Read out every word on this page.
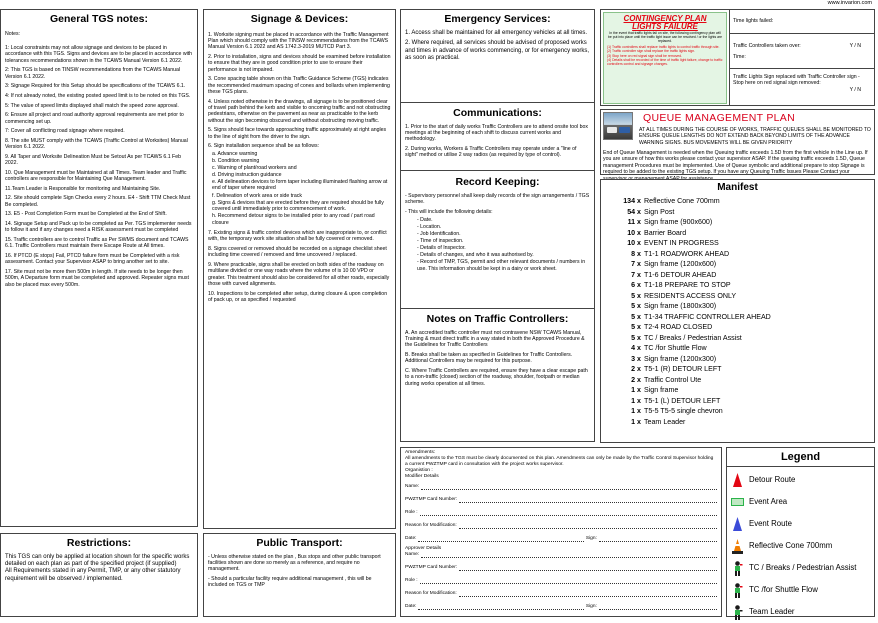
www.invarion.com
General TGS notes:
Notes:
1: Local constraints may not allow signage and devices to be placed in accordance with this TGS. Signs and devices are to be placed in accordance with tolerances recommendations shown in the TCAWS Manual Version 6.1 2022.
2: This TGS is based on TINSW recommendations from the TCAWS Manual Version 6.1 2022.
3: Signage Required for this Setup should be specifications of the TCAWS 6.1.
4: If not already noted, the existing posted speed limit is to be noted on this TGS.
5: The value of speed limits displayed shall match the speed zone approval.
6: Ensure all project and road authority approval requirements are met prior to commencing set up.
7: Cover all conflicting road signage where required.
8. The site MUST comply with the TCAWS (Traffic Control at Worksites) Manual Version 6.1 2022.
9. All Taper and Worksite Delineation Must be Setout As per TCAWS 6.1 Feb 2022.
10. Que Management must be Maintained at all Times. Team leader and Traffic controllers are responsible for Maintaining Que Management.
11.Team Leader is Responsible for monitoring and Maintaining Site.
12. Site should complete Sign Checks every 2 hours. E4 - Shift TTM Check Must Be completed.
13. E5 - Post Completion Form must be Completed at the End of Shift.
14. Signage Setup and Pack up to be completed as Per. TGS implementer needs to follow it and if any changes need a RISK assessment must be completed
15. Traffic controllers are to control Traffic as Per SWMS document and TCAWS 6.1. Traffic Controllers must maintain there Escape Route at All times.
16. If PTCD (E stops) Fail, PTCD failure form must be Completed with a risk assessment. Contact your Supervisor ASAP to bring another set to site.
17. Site must not be more then 500m in length. If site needs to be longer then 500m, A Departure form must be completed and approved. Repeater signs must also be placed max every 500m.
Restrictions:
This TGS can only be applied at location shown for the specific works detailed on each plan as part of the specified project (if supplied)
All Requirements stated in any Permit, TMP, or any other statutory requirement will be observed / implemented.
Signage & Devices:
1. Worksite signing must be placed in accordance with the Traffic Management Plan which should comply with the TINSW recommendations from the TCAWS Manual Version 6.1 2022 and AS 1742.3-2019 MUTCD Part 3.
2. Prior to installation, signs and devices should be examined before installation to ensure that they are in good condition prior to use to ensure their performance is not impaired.
3. Cone spacing table shown on this Traffic Guidance Scheme (TGS) indicates the recommended maximum spacing of cones and bollards when implementing these TGS plans.
4. Unless noted otherwise in the drawings, all signage is to be positioned clear of travel path behind the kerb and visible to oncoming traffic and not obstructing pedestrians, otherwise on the pavement as near as practicable to the kerb without the sign becoming obscured and without obstructing moving traffic.
5. Signs should face towards approaching traffic approximately at right angles to the line of sight from the driver to the sign.
6. Sign installation sequence shall be as follows:
a. Advance warning
b. Condition warning
c. Warning of plant/road workers and
d. Driving instruction guidance
e. All delineation devices to form taper including illuminated flashing arrow at end of taper where required
f. Delineation of work area or side track
g. Signs & devices that are erected before they are required should be fully covered until immediately prior to commencement of work.
h. Recommend detour signs to be installed prior to any road / part road closure
7. Existing signs & traffic control devices which are inappropriate to, or conflict with, the temporary work site situation shall be fully covered or removed.
8. Signs covered or removed should be recorded on a signage checklist sheet including time covered / removed and time uncovered / replaced.
9. Where practicable, signs shall be erected on both sides of the roadway on multilane divided or one way roads where the volume of is 10 00 VPD or greater. This treatment should also be considered for all other roads, especially those with curved alignments.
10. Inspections to be completed after setup, during closure & upon completion of pack up, or as specified / requested
Public Transport:
- Unless otherwise stated on the plan , Bus stops and other public transport facilities shown are done so merely as a reference, and require no management.
- Should a particular facility require additional management , this will be included on TGS or TMP
Emergency Services:
1. Access shall be maintained for all emergency vehicles at all times.
2. Where required, all services should be advised of proposed works and times in advance of works commencing, or for emergency works, as soon as practical.
Communications:
1. Prior to the start of daily works Traffic Controllers are to attend onsite tool box meetings at the beginning of each shift to discuss current works and methodology.
2. During works, Workers & Traffic Controllers may operate under a "line of sight" method or utilise 2 way radios (as required by type of control).
Record Keeping:
- Supervisory personnel shall keep daily records of the sign arrangements / TGS scheme.
- This will include the following details:
- Date.
- Location.
- Job Identification.
- Time of inspection.
- Details of Inspector.
- Details of changes, and who it was authorised by.
- Record of TMP, TGS, permit and other relevant documents / numbers in use. This information should be kept in a dairy or work sheet.
Notes on Traffic Controllers:
A. An accredited traffic controller must not contravene NSW TCAWS Manual, Training & must direct traffic in a way stated in both the Approved Procedure & the Guidelines for Traffic Controllers
B. Breaks shall be taken as specified in Guidelines for Traffic Controllers. Additional Controllers may be required for this purpose.
C. Where Traffic Controllers are required, ensure they have a clear escape path to a non-traffic (closed) section of the roadway, shoulder, footpath or median during works operation at all times.
CONTINGENCY PLAN
LIGHTS FAILURE
In the event that traffic lights fail on site, the following contingency plan will be put into place until the traffic light issue can be resolved / or the lights are replaced.
(1) Traffic controllers shall replace traffic lights to control traffic through site.
(2) Traffic controller sign shall replace the traffic lights sign.
(3) Stop here on red signal sign shall be removed.
(4) Details shall be recorded of the time of traffic light failure, change to traffic controllers control and signage changes.
Time lights failed:
Traffic Controllers taken over:	Y / N
Time:
Traffic Lights Sign replaced with Traffic Controller sign - Stop here on red signal sign removed:
Y / N
QUEUE MANAGEMENT PLAN
AT ALL TIMES DURING THE COURSE OF WORKS, TRAFFIC QUEUES SHALL BE MONITORED TO ENSURE QUEUE LENGTHS DO NOT EXTEND BACK BEYOND LIMITS OF THE ADVANCE WARNING SIGNS. BUS MOVEMENTS WILL BE GIVEN PRIORITY
End of Queue Management is needed when the Queuing traffic exceeds 1.5D from the first vehicle in the Line up. If you are unsure of how this works please contact your supervisor ASAP. If the queuing traffic exceeds 1.5D, Queue management Procedures must be implemented. Use of Queue symbolic and additional prepare to stop Signage is required to be added to the existing TGS setup. If you have any Queuing Traffic Issues Please Contact your
Manifest
134 x Reflective Cone 700mm
54 x Sign Post
11 x Sign frame (900x600)
10 x Barrier Board
10 x EVENT IN PROGRESS
8 x T1-1 ROADWORK AHEAD
7 x Sign frame (1200x600)
7 x T1-6 DETOUR AHEAD
6 x T1-18 PREPARE TO STOP
5 x RESIDENTS ACCESS ONLY
5 x Sign frame (1800x300)
5 x T1-34 TRAFFIC CONTROLLER AHEAD
5 x T2-4 ROAD CLOSED
5 x TC / Breaks / Pedestrian Assist
4 x TC /for Shuttle Flow
3 x Sign frame (1200x300)
2 x T5-1 (R) DETOUR LEFT
2 x Traffic Control Ute
1 x Sign frame
1 x T5-1 (L) DETOUR LEFT
1 x T5-5 T5-5 single chevron
1 x Team Leader
Amendments:
All amendments to the TGS must be clearly documented on this plan. Amendments can only be made by the Traffic Control Supervisor holding a current PWZTMP card in consultation with the project works supervisor.
Organistion :
Modifier Details
Name:
PWZTMP Card Number:
Role :
Reason for Modification:
Date:	Sign:
Approver Details
Name:
PWZTMP Card Number:
Role :
Reason for Modification:
Date:	Sign:
Legend
Detour Route
Event Area
Event Route
Reflective Cone 700mm
TC / Breaks / Pedestrian Assist
TC /for Shuttle Flow
Team Leader
